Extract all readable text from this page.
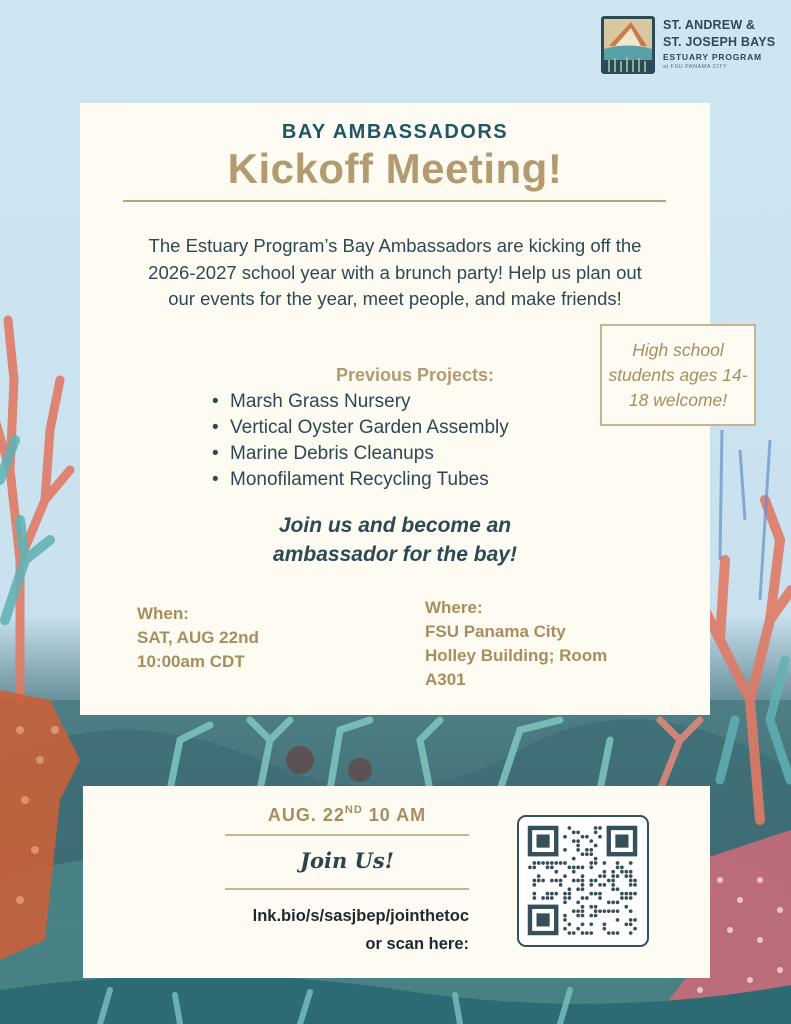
ST. ANDREW &
ST. JOSEPH BAYS
ESTUARY PROGRAM
at FSU PANAMA CITY
BAY AMBASSADORS
Kickoff Meeting!
The Estuary Program’s Bay Ambassadors are kicking off the 2026-2027 school year with a brunch party! Help us plan out our events for the year, meet people, and make friends!
Previous Projects:
• Marsh Grass Nursery
• Vertical Oyster Garden Assembly
• Marine Debris Cleanups
• Monofilament Recycling Tubes
Join us and become an
ambassador for the bay!
When:
SAT, AUG 22nd
10:00am CDT
Where:
FSU Panama City
Holley Building; Room
A301
High school students ages 14-18 welcome!
AUG. 22ND 10 AM
Join Us!
lnk.bio/s/sasjbep/jointhetoc
or scan here:
